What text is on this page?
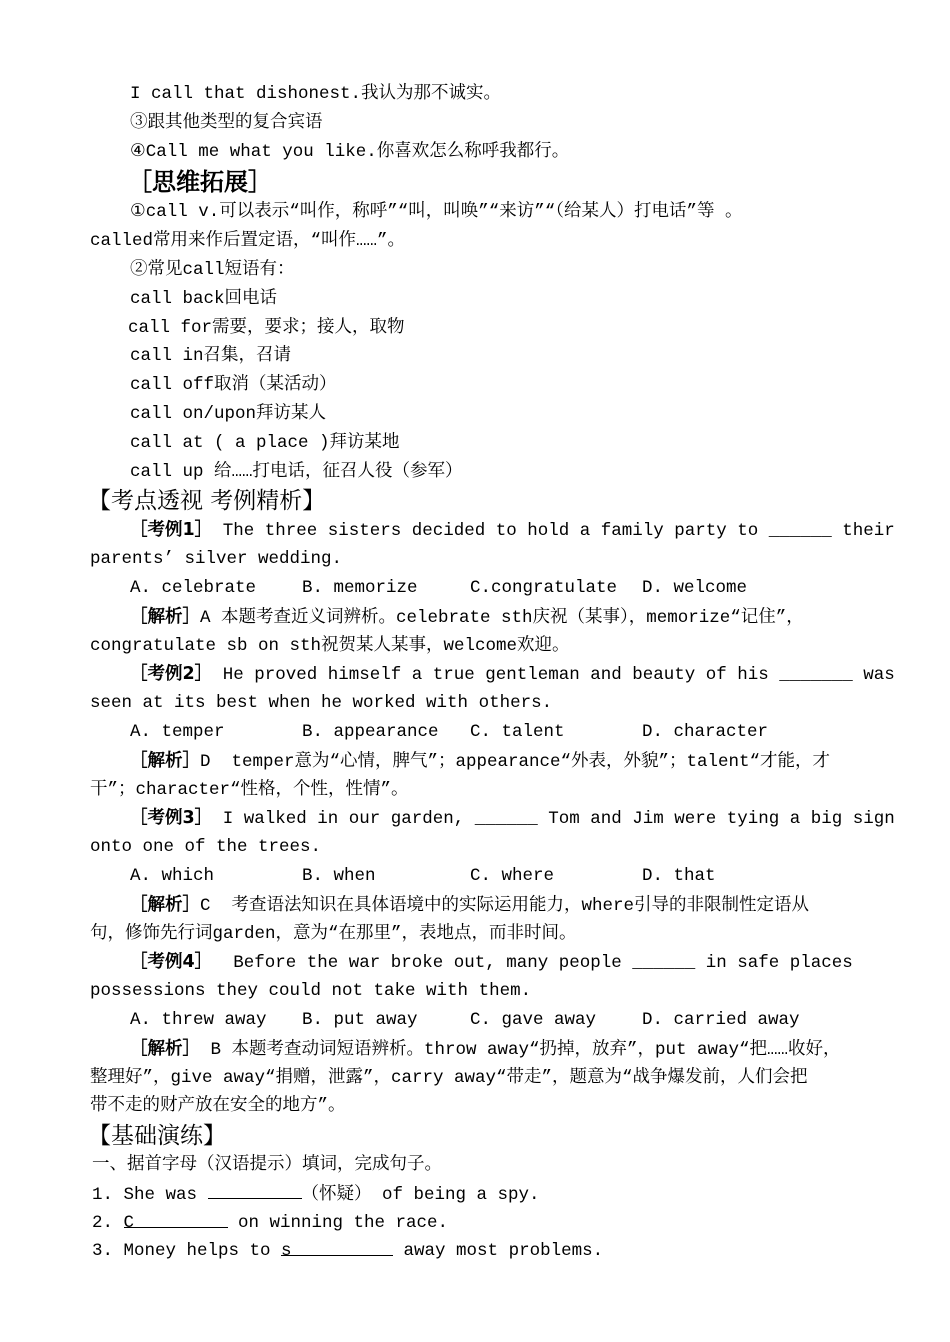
I call that dishonest.我认为那不诚实。
③跟其他类型的复合宾语
④Call me what you like.你喜欢怎么称呼我都行。
［思维拓展］
①call v.可以表示“叫作，称呼”“叫，叫唤”“来访”“（给某人）打电话”等 。
called常用来作后置定语，“叫作……”。
②常见call短语有：
call back回电话
call for需要，要求；接人，取物
call in召集，召请
call off取消（某活动）
call on/upon拜访某人
call at ( a place )拜访某地
call up 给……打电话，征召人役（参军）
【考点透视 考例精析】
［考例1］ The three sisters decided to hold a family party to ______ their
parents’ silver wedding.
A. celebrate	B. memorize	C.congratulate	D. welcome
［解析］A 本题考查近义词辨析。celebrate sth庆祝（某事），memorize“记住”，
congratulate sb on sth祝贺某人某事，welcome欢迎。
［考例2］ He proved himself a true gentleman and beauty of his _______ was
seen at its best when he worked with others.
A. temper	B. appearance	C. talent	D. character
［解析］D  temper意为“心情，脾气”；appearance“外表，外貌”；talent“才能，才
干”；character“性格，个性，性情”。
［考例3］ I walked in our garden, ______ Tom and Jim were tying a big sign
onto one of the trees.
A. which	B. when	C. where	D. that
［解析］C  考查语法知识在具体语境中的实际运用能力，where引导的非限制性定语从
句，修饰先行词garden，意为“在那里”，表地点，而非时间。
［考例4］  Before the war broke out, many people ______ in safe places
possessions they could not take with them.
A. threw away	B. put away	C. gave away	D. carried away
［解析］ B 本题考查动词短语辨析。throw away“扔掉，放弃”，put away“把……收好，
整理好”，give away“捐赠，泄露”，carry away“带走”，题意为“战争爆发前，人们会把
带不走的财产放在安全的地方”。
【基础演练】
一、据首字母（汉语提示）填词，完成句子。
1. She was	（怀疑） of being a spy.
2. C	on winning the race.
3. Money helps to s	away most problems.
